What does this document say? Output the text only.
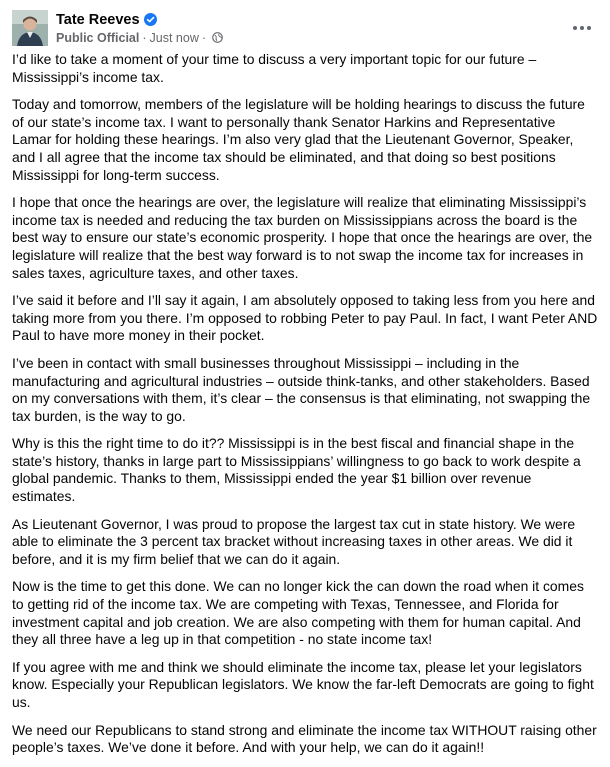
Tate Reeves
Public Official · Just now ·

I’d like to take a moment of your time to discuss a very important topic for our future – Mississippi’s income tax.

Today and tomorrow, members of the legislature will be holding hearings to discuss the future of our state’s income tax. I want to personally thank Senator Harkins and Representative Lamar for holding these hearings. I’m also very glad that the Lieutenant Governor, Speaker, and I all agree that the income tax should be eliminated, and that doing so best positions Mississippi for long-term success.

I hope that once the hearings are over, the legislature will realize that eliminating Mississippi’s income tax is needed and reducing the tax burden on Mississippians across the board is the best way to ensure our state’s economic prosperity. I hope that once the hearings are over, the legislature will realize that the best way forward is to not swap the income tax for increases in sales taxes, agriculture taxes, and other taxes.

I’ve said it before and I’ll say it again, I am absolutely opposed to taking less from you here and taking more from you there. I’m opposed to robbing Peter to pay Paul. In fact, I want Peter AND Paul to have more money in their pocket.

I’ve been in contact with small businesses throughout Mississippi – including in the manufacturing and agricultural industries – outside think-tanks, and other stakeholders. Based on my conversations with them, it’s clear – the consensus is that eliminating, not swapping the tax burden, is the way to go.

Why is this the right time to do it?? Mississippi is in the best fiscal and financial shape in the state’s history, thanks in large part to Mississippians’ willingness to go back to work despite a global pandemic. Thanks to them, Mississippi ended the year $1 billion over revenue estimates.

As Lieutenant Governor, I was proud to propose the largest tax cut in state history. We were able to eliminate the 3 percent tax bracket without increasing taxes in other areas. We did it before, and it is my firm belief that we can do it again.

Now is the time to get this done. We can no longer kick the can down the road when it comes to getting rid of the income tax. We are competing with Texas, Tennessee, and Florida for investment capital and job creation. We are also competing with them for human capital. And they all three have a leg up in that competition - no state income tax!

If you agree with me and think we should eliminate the income tax, please let your legislators know. Especially your Republican legislators. We know the far-left Democrats are going to fight us.

We need our Republicans to stand strong and eliminate the income tax WITHOUT raising other people’s taxes. We’ve done it before. And with your help, we can do it again!!
